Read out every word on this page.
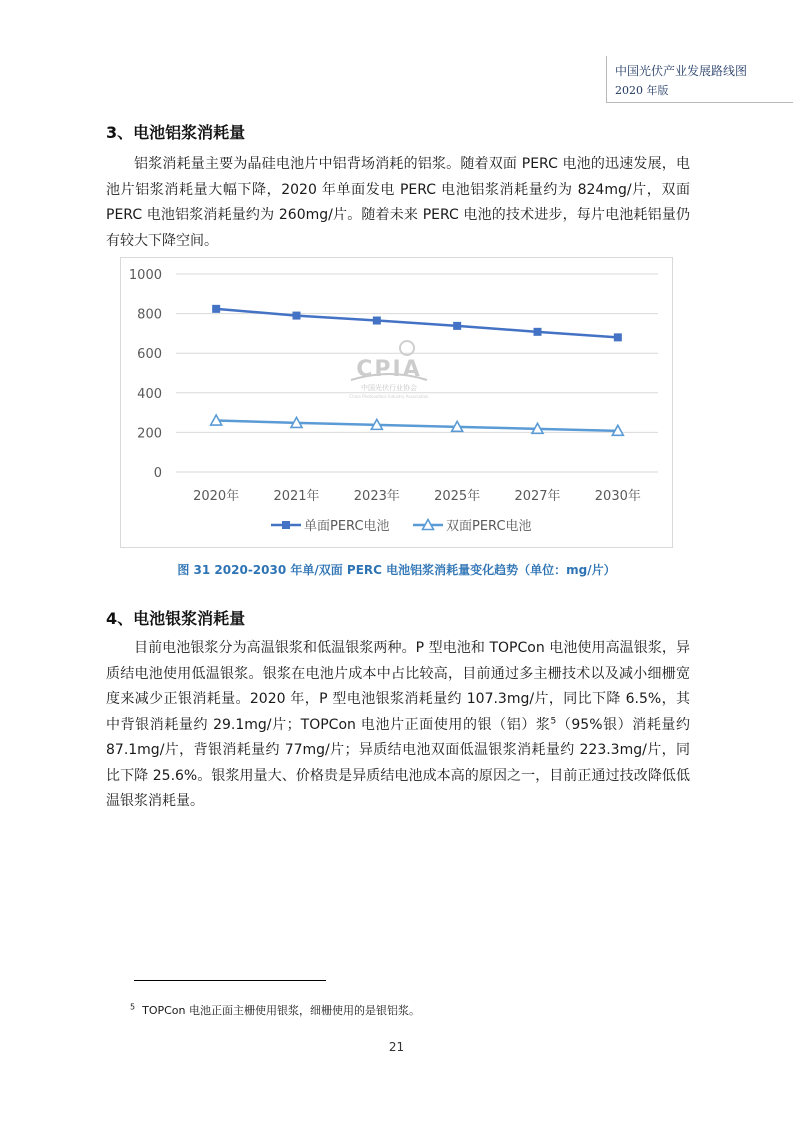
中国光伏产业发展路线图
2020 年版
3、电池铝浆消耗量

铝浆消耗量主要为晶硅电池片中铝背场消耗的铝浆。随着双面 PERC 电池的迅速发展，电池片铝浆消耗量大幅下降，2020 年单面发电 PERC 电池铝浆消耗量约为 824mg/片，双面 PERC 电池铝浆消耗量约为 260mg/片。随着未来 PERC 电池的技术进步，每片电池耗铝量仍有较大下降空间。

0
200
400
600
800
1000
CPIA
中国光伏行业协会
China Photovoltaic Industry Association
2020年	2021年	2023年	2025年	2027年	2030年
单面PERC电池	双面PERC电池
图 31 2020-2030 年单/双面 PERC 电池铝浆消耗量变化趋势（单位：mg/片）
4、电池银浆消耗量

目前电池银浆分为高温银浆和低温银浆两种。P 型电池和 TOPCon 电池使用高温银浆，异质结电池使用低温银浆。银浆在电池片成本中占比较高，目前通过多主栅技术以及减小细栅宽度来减少正银消耗量。2020 年，P 型电池银浆消耗量约 107.3mg/片，同比下降 6.5%，其中背银消耗量约 29.1mg/片；TOPCon 电池片正面使用的银（铝）浆$^5$（95%银）消耗量约 87.1mg/片，背银消耗量约 77mg/片；异质结电池双面低温银浆消耗量约 223.3mg/片，同比下降 25.6%。银浆用量大、价格贵是异质结电池成本高的原因之一，目前正通过技改降低低温银浆消耗量。

$^5$ TOPCon 电池正面主栅使用银浆，细栅使用的是银铝浆。
21
